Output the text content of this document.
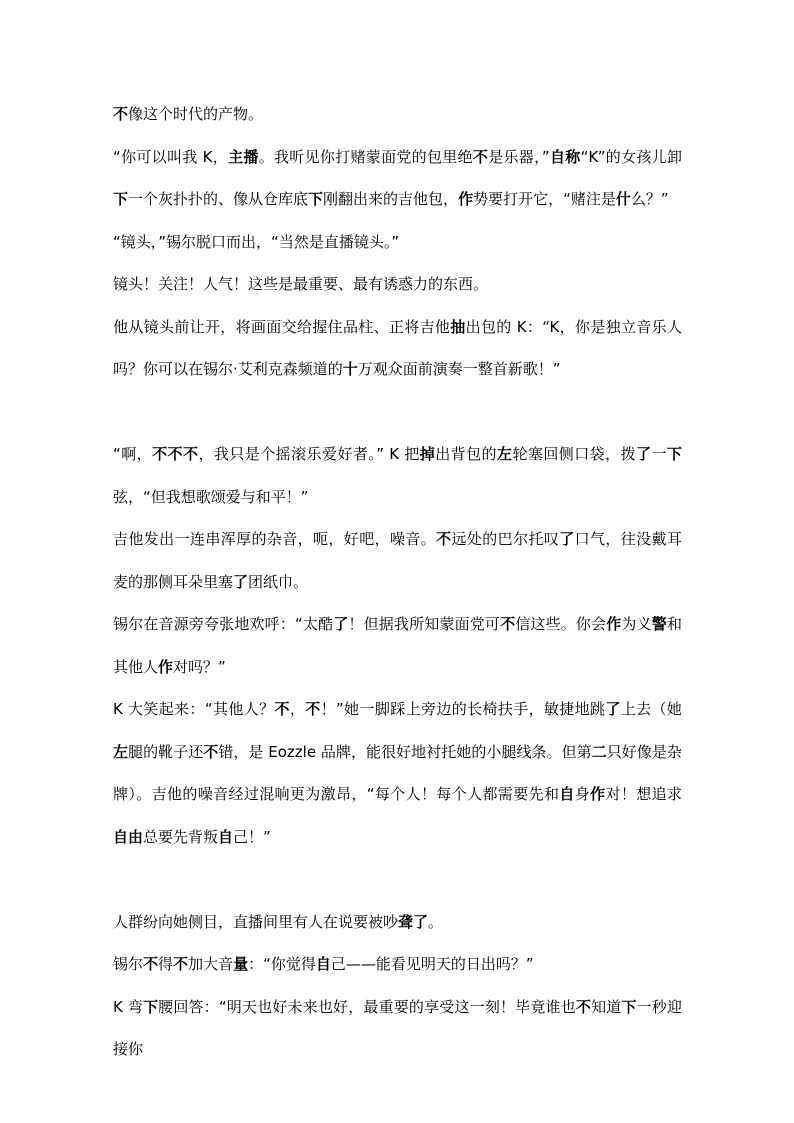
不像这个时代的产物。

“你可以叫我 K，主播。我听见你打赌蒙面党的包里绝不是乐器，”自称“K”的女孩儿卸下一个灰扑扑的、像从仓库底下刚翻出来的吉他包，作势要打开它，“赌注是什么？”

“镜头，”锡尔脱口而出，“当然是直播镜头。”

镜头！关注！人气！这些是最重要、最有诱惑力的东西。

他从镜头前让开，将画面交给握住品柱、正将吉他抽出包的 K：“K，你是独立音乐人吗？你可以在锡尔·艾利克森频道的十万观众面前演奏一整首新歌！”

“啊，不不不，我只是个摇滚乐爱好者。” K 把掉出背包的左轮塞回侧口袋，拨了一下弦，“但我想歌颂爱与和平！”

吉他发出一连串浑厚的杂音，呃，好吧，噪音。不远处的巴尔托叹了口气，往没戴耳麦的那侧耳朵里塞了团纸巾。

锡尔在音源旁夸张地欢呼：“太酷了！但据我所知蒙面党可不信这些。你会作为义警和其他人作对吗？”

K 大笑起来：“其他人？不，不！”她一脚踩上旁边的长椅扶手，敏捷地跳了上去（她左腿的靴子还不错，是 Eozzle 品牌，能很好地衬托她的小腿线条。但第二只好像是杂牌）。吉他的噪音经过混响更为激昂，“每个人！每个人都需要先和自身作对！想追求自由总要先背叛自己！”

人群纷向她侧目，直播间里有人在说要被吵聋了。

锡尔不得不加大音量：“你觉得自己——能看见明天的日出吗？”

K 弯下腰回答：“明天也好未来也好，最重要的享受这一刻！毕竟谁也不知道下一秒迎接你
